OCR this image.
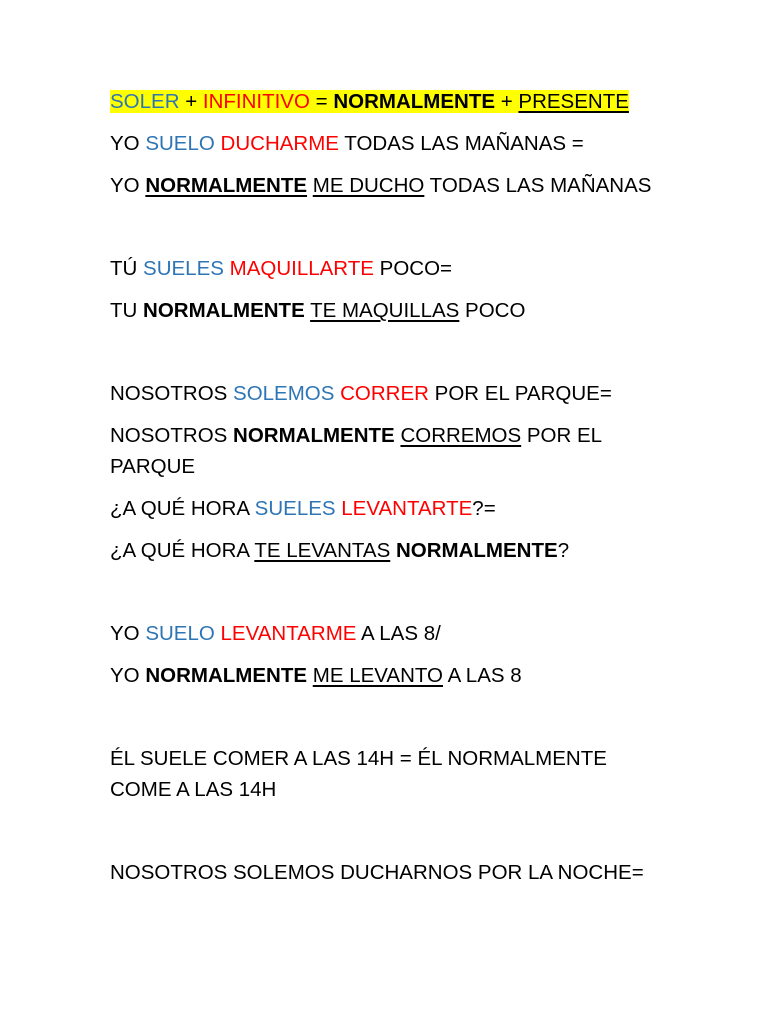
SOLER + INFINITIVO = NORMALMENTE + PRESENTE

YO SUELO DUCHARME TODAS LAS MAÑANAS =

YO NORMALMENTE ME DUCHO TODAS LAS MAÑANAS

TÚ SUELES MAQUILLARTE POCO=

TU NORMALMENTE TE MAQUILLAS POCO

NOSOTROS SOLEMOS CORRER POR EL PARQUE=

NOSOTROS NORMALMENTE CORREMOS POR EL PARQUE

¿A QUÉ HORA SUELES LEVANTARTE?=

¿A QUÉ HORA TE LEVANTAS NORMALMENTE?

YO SUELO LEVANTARME A LAS 8/

YO NORMALMENTE ME LEVANTO A LAS 8

ÉL SUELE COMER A LAS 14H = ÉL NORMALMENTE COME A LAS 14H

NOSOTROS SOLEMOS DUCHARNOS POR LA NOCHE=
